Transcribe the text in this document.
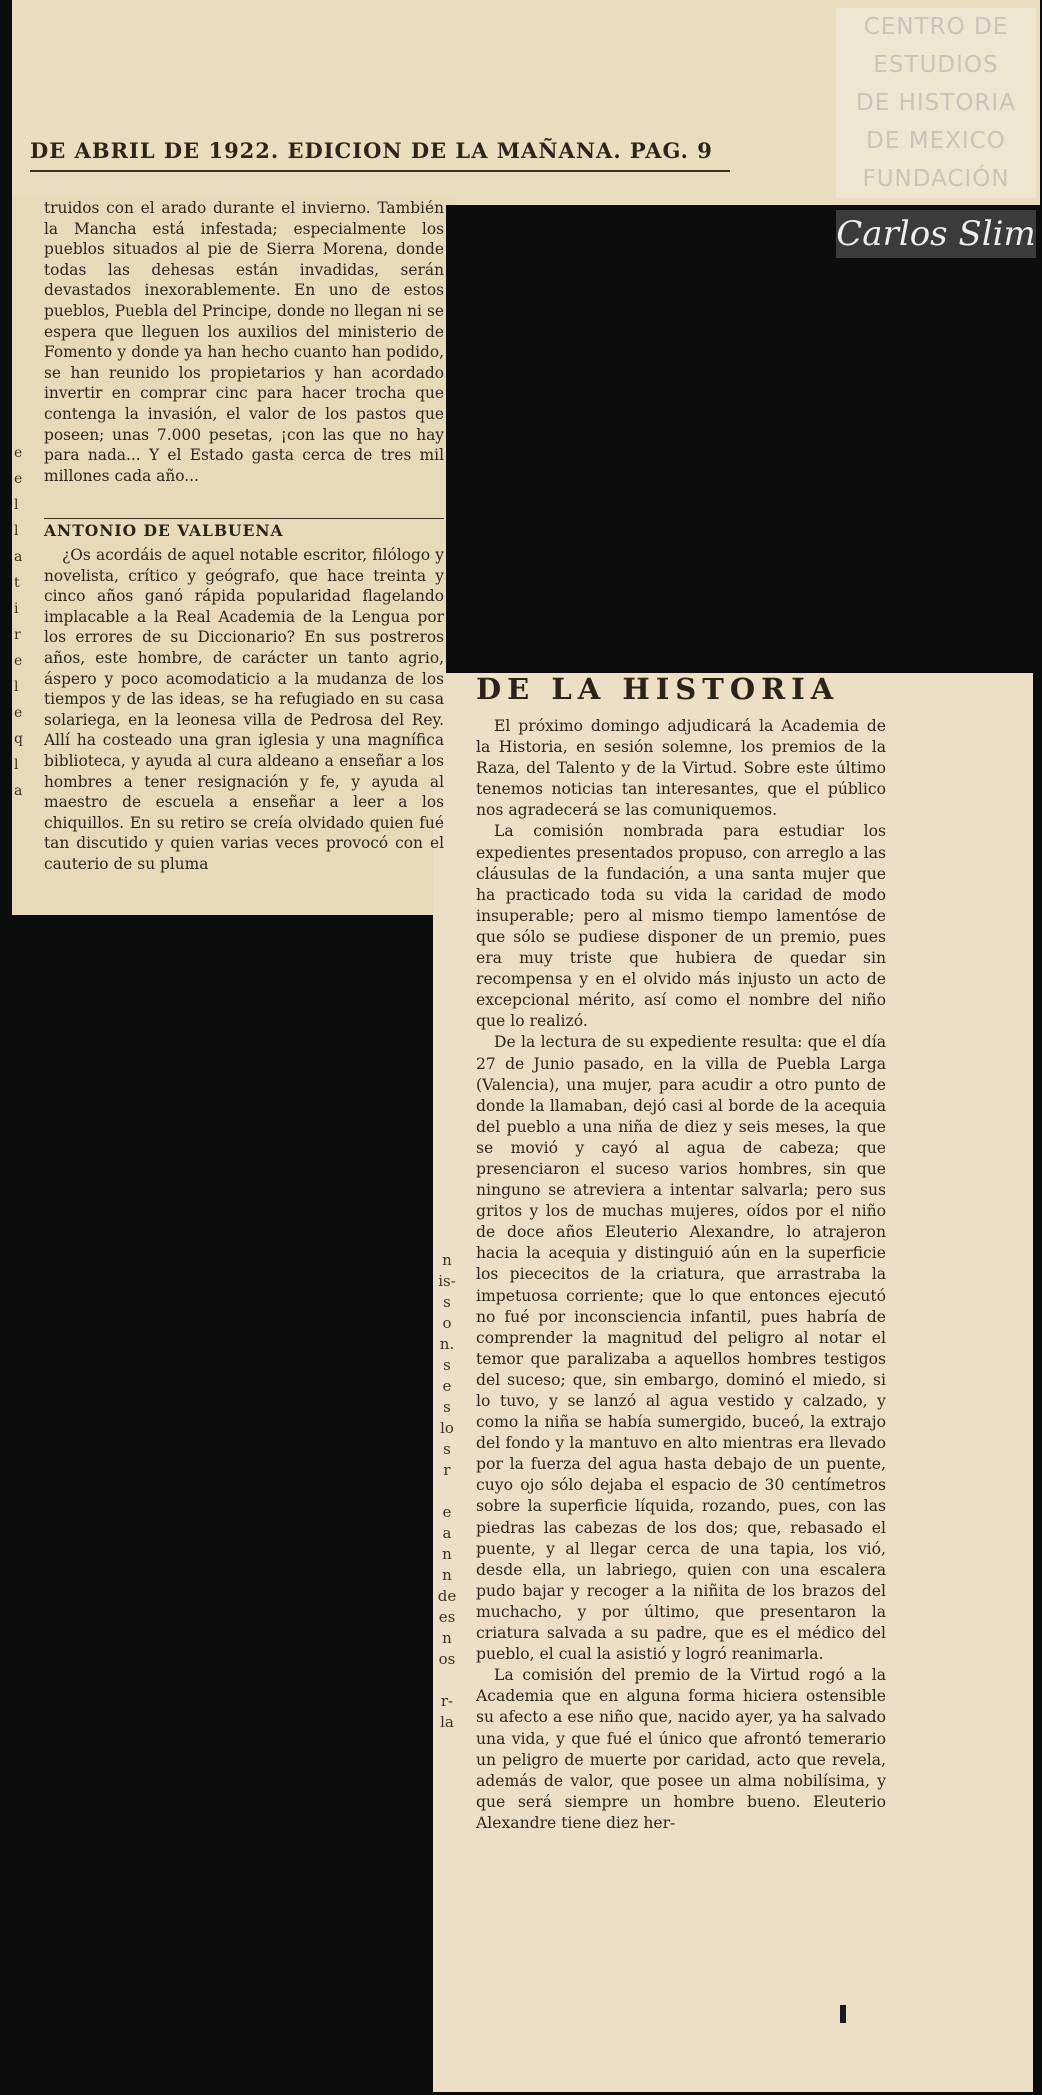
DE ABRIL DE 1922. EDICION DE LA MAÑANA. PAG. 9

truidos con el arado durante el invierno. También la Mancha está infestada; especialmente los pueblos situados al pie de Sierra Morena, donde todas las dehesas están invadidas, serán devastados inexorablemente. En uno de estos pueblos, Puebla del Principe, donde no llegan ni se espera que lleguen los auxilios del ministerio de Fomento y donde ya han hecho cuanto han podido, se han reunido los propietarios y han acordado invertir en comprar cinc para hacer trocha que contenga la invasión, el valor de los pastos que poseen; unas 7.000 pesetas, ¡con las que no hay para nada... Y el Estado gasta cerca de tres mil millones cada año...

ANTONIO DE VALBUENA

¿Os acordáis de aquel notable escritor, filólogo y novelista, crítico y geógrafo, que hace treinta y cinco años ganó rápida popularidad flagelando implacable a la Real Academia de la Lengua por los errores de su Diccionario? En sus postreros años, este hombre, de carácter un tanto agrio, áspero y poco acomodaticio a la mudanza de los tiempos y de las ideas, se ha refugiado en su casa solariega, en la leonesa villa de Pedrosa del Rey. Allí ha costeado una gran iglesia y una magnífica biblioteca, y ayuda al cura aldeano a enseñar a los hombres a tener resignación y fe, y ayuda al maestro de escuela a enseñar a leer a los chiquillos. En su retiro se creía olvidado quien fué tan discutido y quien varias veces provocó con el cauterio de su pluma

e
e
l
l
a
t
i
r
e
l
e
q
l
a
n
is-
s
o
n.
s
e
s
lo
s
r

e
a
n
n
de
es
n
os

r-
la
DE LA HISTORIA

El próximo domingo adjudicará la Academia de la Historia, en sesión solemne, los premios de la Raza, del Talento y de la Virtud. Sobre este último tenemos noticias tan interesantes, que el público nos agradecerá se las comuniquemos.

La comisión nombrada para estudiar los expedientes presentados propuso, con arreglo a las cláusulas de la fundación, a una santa mujer que ha practicado toda su vida la caridad de modo insuperable; pero al mismo tiempo lamentóse de que sólo se pudiese disponer de un premio, pues era muy triste que hubiera de quedar sin recompensa y en el olvido más injusto un acto de excepcional mérito, así como el nombre del niño que lo realizó.

De la lectura de su expediente resulta: que el día 27 de Junio pasado, en la villa de Puebla Larga (Valencia), una mujer, para acudir a otro punto de donde la llamaban, dejó casi al borde de la acequia del pueblo a una niña de diez y seis meses, la que se movió y cayó al agua de cabeza; que presenciaron el suceso varios hombres, sin que ninguno se atreviera a intentar salvarla; pero sus gritos y los de muchas mujeres, oídos por el niño de doce años Eleuterio Alexandre, lo atrajeron hacia la acequia y distinguió aún en la superficie los piececitos de la criatura, que arrastraba la impetuosa corriente; que lo que entonces ejecutó no fué por inconsciencia infantil, pues habría de comprender la magnitud del peligro al notar el temor que paralizaba a aquellos hombres testigos del suceso; que, sin embargo, dominó el miedo, si lo tuvo, y se lanzó al agua vestido y calzado, y como la niña se había sumergido, buceó, la extrajo del fondo y la mantuvo en alto mientras era llevado por la fuerza del agua hasta debajo de un puente, cuyo ojo sólo dejaba el espacio de 30 centímetros sobre la superficie líquida, rozando, pues, con las piedras las cabezas de los dos; que, rebasado el puente, y al llegar cerca de una tapia, los vió, desde ella, un labriego, quien con una escalera pudo bajar y recoger a la niñita de los brazos del muchacho, y por último, que presentaron la criatura salvada a su padre, que es el médico del pueblo, el cual la asistió y logró reanimarla.

La comisión del premio de la Virtud rogó a la Academia que en alguna forma hiciera ostensible su afecto a ese niño que, nacido ayer, ya ha salvado una vida, y que fué el único que afrontó temerario un peligro de muerte por caridad, acto que revela, además de valor, que posee un alma nobilísima, y que será siempre un hombre bueno. Eleuterio Alexandre tiene diez her-

CENTRO DE
ESTUDIOS
DE HISTORIA
DE MEXICO
FUNDACIÓN
Carlos Slim
